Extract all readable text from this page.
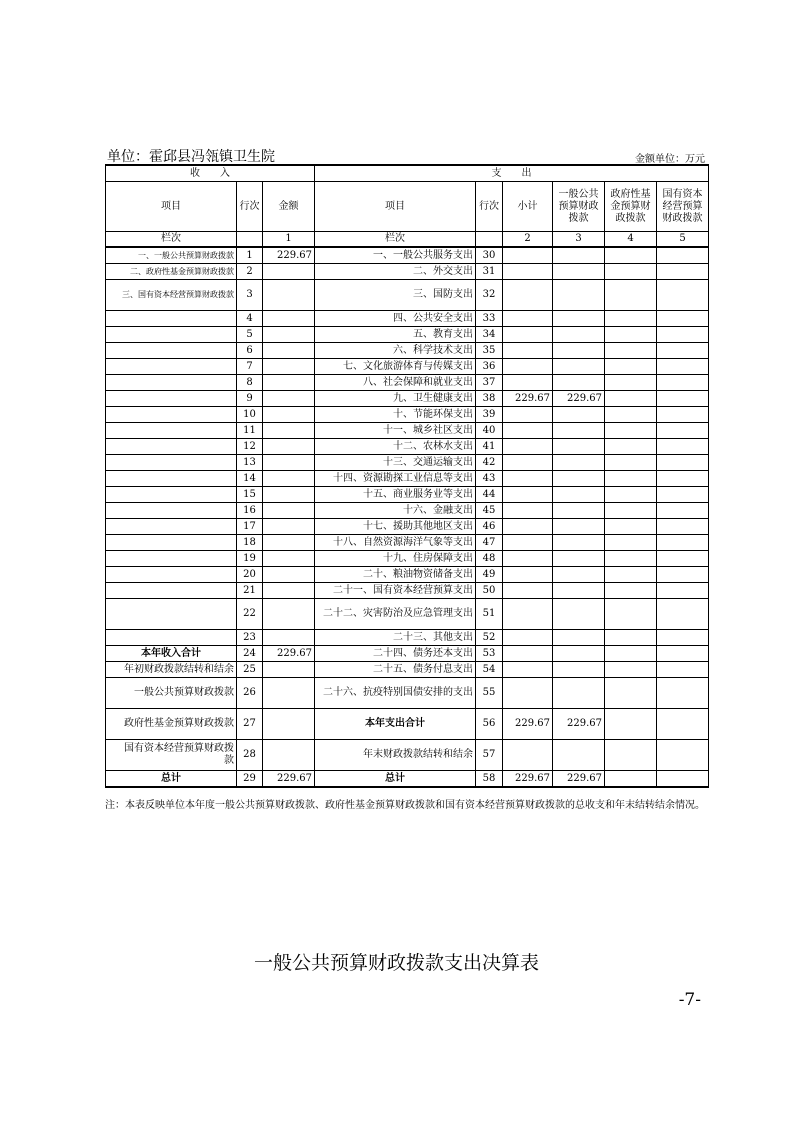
单位：霍邱县冯瓴镇卫生院	金额单位：万元
收　　入			支　　出					
项目	行次	金额	项目	行次	小计	一般公共预算财政拨款	政府性基金预算财政拨款	国有资本经营预算财政拨款
栏次		1	栏次		2	3	4	5
一、一般公共预算财政拨款	1	229.67	一、一般公共服务支出	30				
二、政府性基金预算财政拨款	2		二、外交支出	31				
三、国有资本经营预算财政拨款	3		三、国防支出	32				
	4		四、公共安全支出	33				
	5		五、教育支出	34				
	6		六、科学技术支出	35				
	7		七、文化旅游体育与传媒支出	36				
	8		八、社会保障和就业支出	37				
	9		九、卫生健康支出	38	229.67	229.67		
	10		十、节能环保支出	39				
	11		十一、城乡社区支出	40				
	12		十二、农林水支出	41				
	13		十三、交通运输支出	42				
	14		十四、资源勘探工业信息等支出	43				
	15		十五、商业服务业等支出	44				
	16		十六、金融支出	45				
	17		十七、援助其他地区支出	46				
	18		十八、自然资源海洋气象等支出	47				
	19		十九、住房保障支出	48				
	20		二十、粮油物资储备支出	49				
	21		二十一、国有资本经营预算支出	50				
	22		二十二、灾害防治及应急管理支出	51				
	23		二十三、其他支出	52				
本年收入合计	24	229.67	二十四、债务还本支出	53				
年初财政拨款结转和结余	25		二十五、债务付息支出	54				
一般公共预算财政拨款	26		二十六、抗疫特别国债安排的支出	55				
政府性基金预算财政拨款	27		本年支出合计	56	229.67	229.67		
国有资本经营预算财政拨款	28		年末财政拨款结转和结余	57				
总计	29	229.67	总计	58	229.67	229.67		
注：本表反映单位本年度一般公共预算财政拨款、政府性基金预算财政拨款和国有资本经营预算财政拨款的总收支和年末结转结余情况。
一般公共预算财政拨款支出决算表
-7-
